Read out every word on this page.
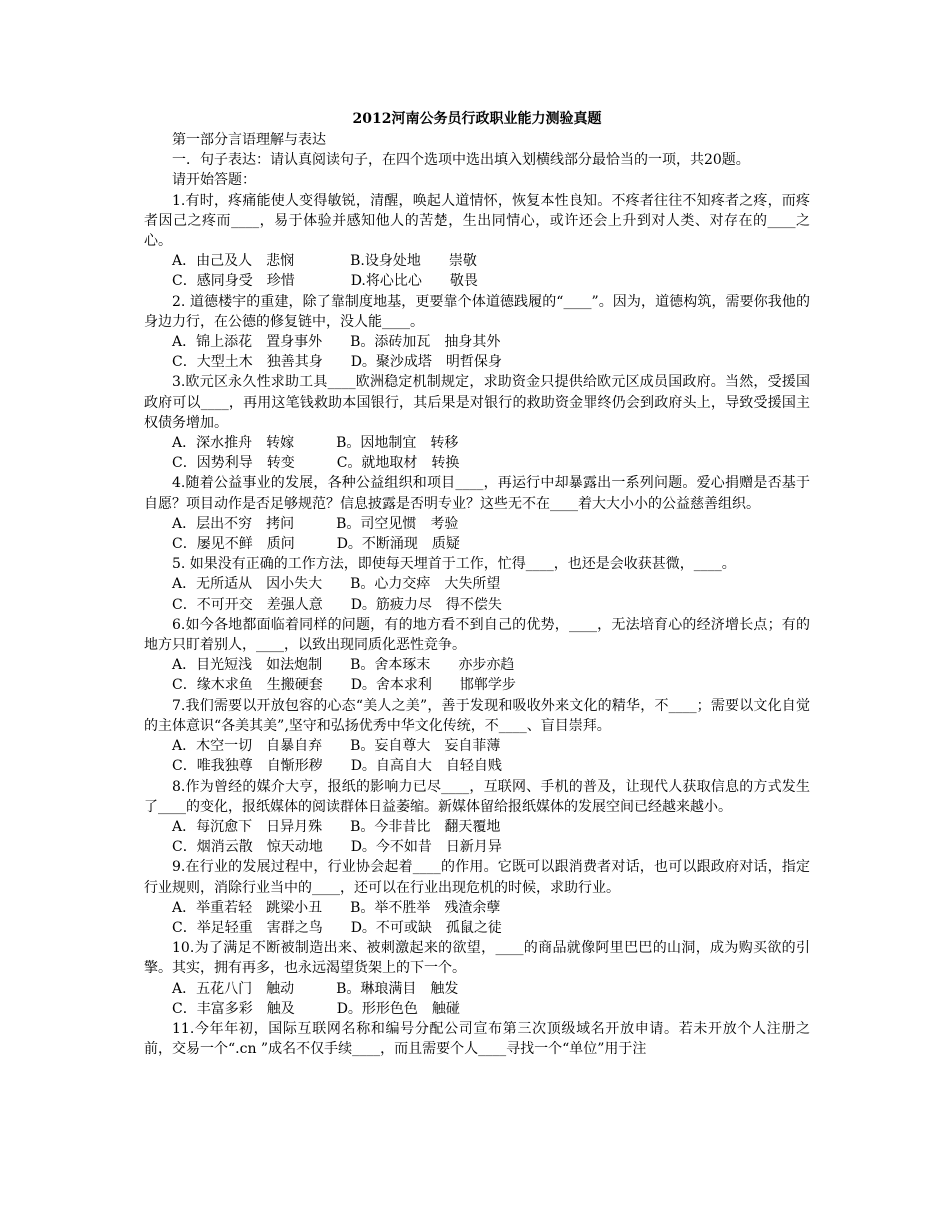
2012河南公务员行政职业能力测验真题

第一部分言语理解与表达

一．句子表达：请认真阅读句子，在四个选项中选出填入划横线部分最恰当的一项，共20题。

请开始答题：

1.有时，疼痛能使人变得敏锐，清醒，唤起人道情怀，恢复本性良知。不疼者往往不知疼者之疼，而疼者因己之疼而____，易于体验并感知他人的苦楚，生出同情心，或许还会上升到对人类、对存在的____之心。

A．由己及人　悲悯　　　　B.设身处地　　崇敬

C．感同身受　珍惜　　　　D.将心比心　　敬畏

2. 道德楼宇的重建，除了靠制度地基，更要靠个体道德践履的“____”。因为，道德构筑，需要你我他的身边力行，在公德的修复链中，没人能____。

A．锦上添花　置身事外　　B。添砖加瓦　抽身其外

C．大型土木　独善其身　　D。聚沙成塔　明哲保身

3.欧元区永久性求助工具____欧洲稳定机制规定，求助资金只提供给欧元区成员国政府。当然，受援国政府可以____，再用这笔钱救助本国银行，其后果是对银行的救助资金罪终仍会到政府头上，导致受援国主权债务增加。

A．深水推舟　转嫁　　　B。因地制宜　转移

C．因势利导　转变　　　C。就地取材　转换

4.随着公益事业的发展，各种公益组织和项目____，再运行中却暴露出一系列问题。爱心捐赠是否基于自愿？项目动作是否足够规范？信息披露是否明专业？这些无不在____着大大小小的公益慈善组织。

A．层出不穷　拷问　　　B。司空见惯　考验

C．屡见不鲜　质问　　　D。不断涌现　质疑

5. 如果没有正确的工作方法，即使每天埋首于工作，忙得____，也还是会收获甚微，____。

A．无所适从　因小失大　　B。心力交瘁　大失所望

C．不可开交　差强人意　　D。筋疲力尽　得不偿失

6.如今各地都面临着同样的问题，有的地方看不到自己的优势，____，无法培育心的经济增长点；有的地方只盯着别人，____，以致出现同质化恶性竞争。

A．目光短浅　如法炮制　　B。舍本琢末　　亦步亦趋

C．缘木求鱼　生搬硬套　　D。舍本求利　　邯郸学步

7.我们需要以开放包容的心态“美人之美”，善于发现和吸收外来文化的精华，不____；需要以文化自觉的主体意识“各美其美”,坚守和弘扬优秀中华文化传统，不____、盲目崇拜。

A．木空一切　自暴自弃　　B。妄自尊大　妄自菲薄

C．唯我独尊　自惭形秽　　D。自高自大　自轻自贱

8.作为曾经的媒介大亨，报纸的影响力已尽____，互联网、手机的普及，让现代人获取信息的方式发生了____的变化，报纸媒体的阅读群体日益萎缩。新媒体留给报纸媒体的发展空间已经越来越小。

A．每沉愈下　日异月殊　　B。今非昔比　翻天覆地

C．烟消云散　惊天动地　　D。今不如昔　日新月异

9.在行业的发展过程中，行业协会起着____的作用。它既可以跟消费者对话，也可以跟政府对话，指定行业规则，消除行业当中的____，还可以在行业出现危机的时候，求助行业。

A．举重若轻　跳梁小丑　　B。举不胜举　残渣余孽

C．举足轻重　害群之鸟　　D。不可或缺　孤鼠之徒

10.为了满足不断被制造出来、被刺激起来的欲望，____的商品就像阿里巴巴的山洞，成为购买欲的引擎。其实，拥有再多，也永远渴望货架上的下一个。

A．五花八门　触动　　　B。琳琅满目　触发

C．丰富多彩　触及　　　D。形形色色　触碰

11.今年年初，国际互联网名称和编号分配公司宣布第三次顶级域名开放申请。若未开放个人注册之前，交易一个“.cn ”成名不仅手续____，而且需要个人____寻找一个“单位”用于注
